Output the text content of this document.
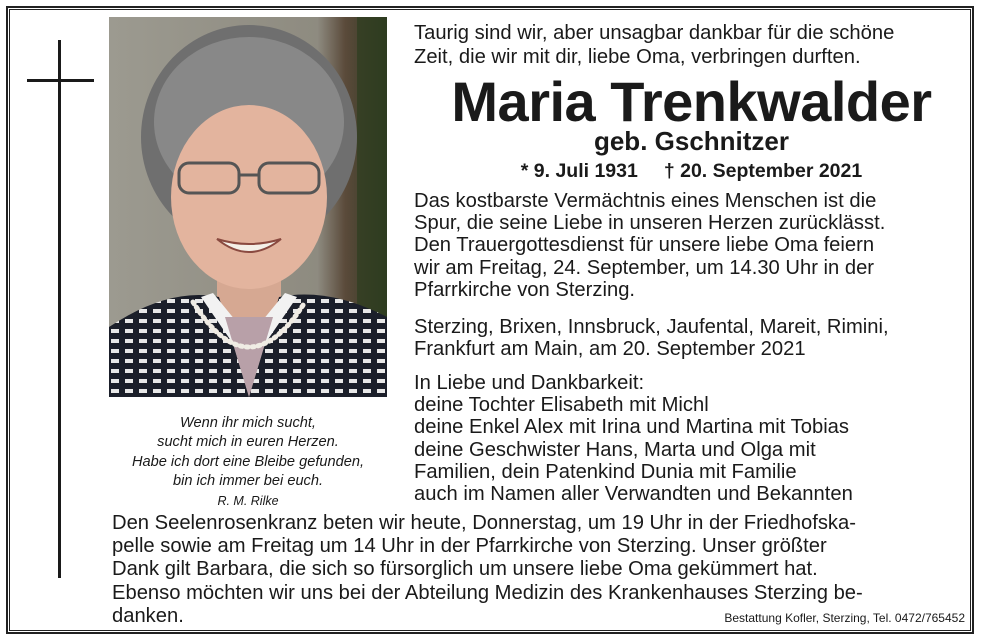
Wenn ihr mich sucht,
sucht mich in euren Herzen.
Habe ich dort eine Bleibe gefunden,
bin ich immer bei euch.
R. M. Rilke
Taurig sind wir, aber unsagbar dankbar für die schöne
Zeit, die wir mit dir, liebe Oma, verbringen durften.
Maria Trenkwalder
geb. Gschnitzer
* 9. Juli 1931 † 20. September 2021
Das kostbarste Vermächtnis eines Menschen ist die
Spur, die seine Liebe in unseren Herzen zurücklässt.
Den Trauergottesdienst für unsere liebe Oma feiern
wir am Freitag, 24. September, um 14.30 Uhr in der
Pfarrkirche von Sterzing.
Sterzing, Brixen, Innsbruck, Jaufental, Mareit, Rimini,
Frankfurt am Main, am 20. September 2021
In Liebe und Dankbarkeit:
deine Tochter Elisabeth mit Michl
deine Enkel Alex mit Irina und Martina mit Tobias
deine Geschwister Hans, Marta und Olga mit
Familien, dein Patenkind Dunia mit Familie
auch im Namen aller Verwandten und Bekannten
Den Seelenrosenkranz beten wir heute, Donnerstag, um 19 Uhr in der Friedhofska-
pelle sowie am Freitag um 14 Uhr in der Pfarrkirche von Sterzing. Unser größter
Dank gilt Barbara, die sich so fürsorglich um unsere liebe Oma gekümmert hat.
Ebenso möchten wir uns bei der Abteilung Medizin des Krankenhauses Sterzing be-
danken.	Bestattung Kofler, Sterzing, Tel. 0472/765452
